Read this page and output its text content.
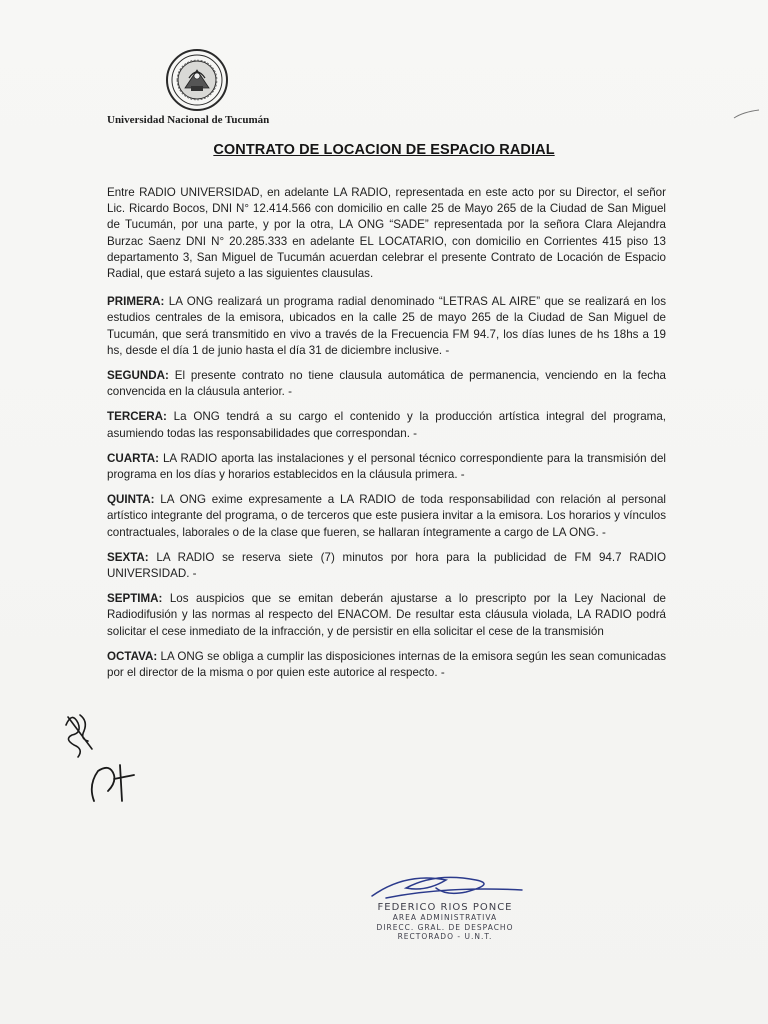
Universidad Nacional de Tucumán
CONTRATO DE LOCACION DE ESPACIO RADIAL

Entre RADIO UNIVERSIDAD, en adelante LA RADIO, representada en este acto por su Director, el señor Lic. Ricardo Bocos, DNI N° 12.414.566 con domicilio en calle 25 de Mayo 265 de la Ciudad de San Miguel de Tucumán, por una parte, y por la otra, LA ONG “SADE” representada por la señora Clara Alejandra Burzac Saenz DNI N° 20.285.333 en adelante EL LOCATARIO, con domicilio en Corrientes 415 piso 13 departamento 3, San Miguel de Tucumán acuerdan celebrar el presente Contrato de Locación de Espacio Radial, que estará sujeto a las siguientes clausulas.

PRIMERA: LA ONG realizará un programa radial denominado “LETRAS AL AIRE” que se realizará en los estudios centrales de la emisora, ubicados en la calle 25 de mayo 265 de la Ciudad de San Miguel de Tucumán, que será transmitido en vivo a través de la Frecuencia FM 94.7, los días lunes de hs 18hs a 19 hs, desde el día 1 de junio hasta el día 31 de diciembre inclusive. -

SEGUNDA: El presente contrato no tiene clausula automática de permanencia, venciendo en la fecha convencida en la cláusula anterior. -

TERCERA: La ONG tendrá a su cargo el contenido y la producción artística integral del programa, asumiendo todas las responsabilidades que correspondan. -

CUARTA: LA RADIO aporta las instalaciones y el personal técnico correspondiente para la transmisión del programa en los días y horarios establecidos en la cláusula primera. -

QUINTA: LA ONG exime expresamente a LA RADIO de toda responsabilidad con relación al personal artístico integrante del programa, o de terceros que este pusiera invitar a la emisora. Los horarios y vínculos contractuales, laborales o de la clase que fueren, se hallaran íntegramente a cargo de LA ONG. -

SEXTA: LA RADIO se reserva siete (7) minutos por hora para la publicidad de FM 94.7 RADIO UNIVERSIDAD. -

SEPTIMA: Los auspicios que se emitan deberán ajustarse a lo prescripto por la Ley Nacional de Radiodifusión y las normas al respecto del ENACOM. De resultar esta cláusula violada, LA RADIO podrá solicitar el cese inmediato de la infracción, y de persistir en ella solicitar el cese de la transmisión

OCTAVA: LA ONG se obliga a cumplir las disposiciones internas de la emisora según les sean comunicadas por el director de la misma o por quien este autorice al respecto. -

FEDERICO RIOS PONCE
AREA ADMINISTRATIVA
DIRECC. GRAL. DE DESPACHO
RECTORADO - U.N.T.
